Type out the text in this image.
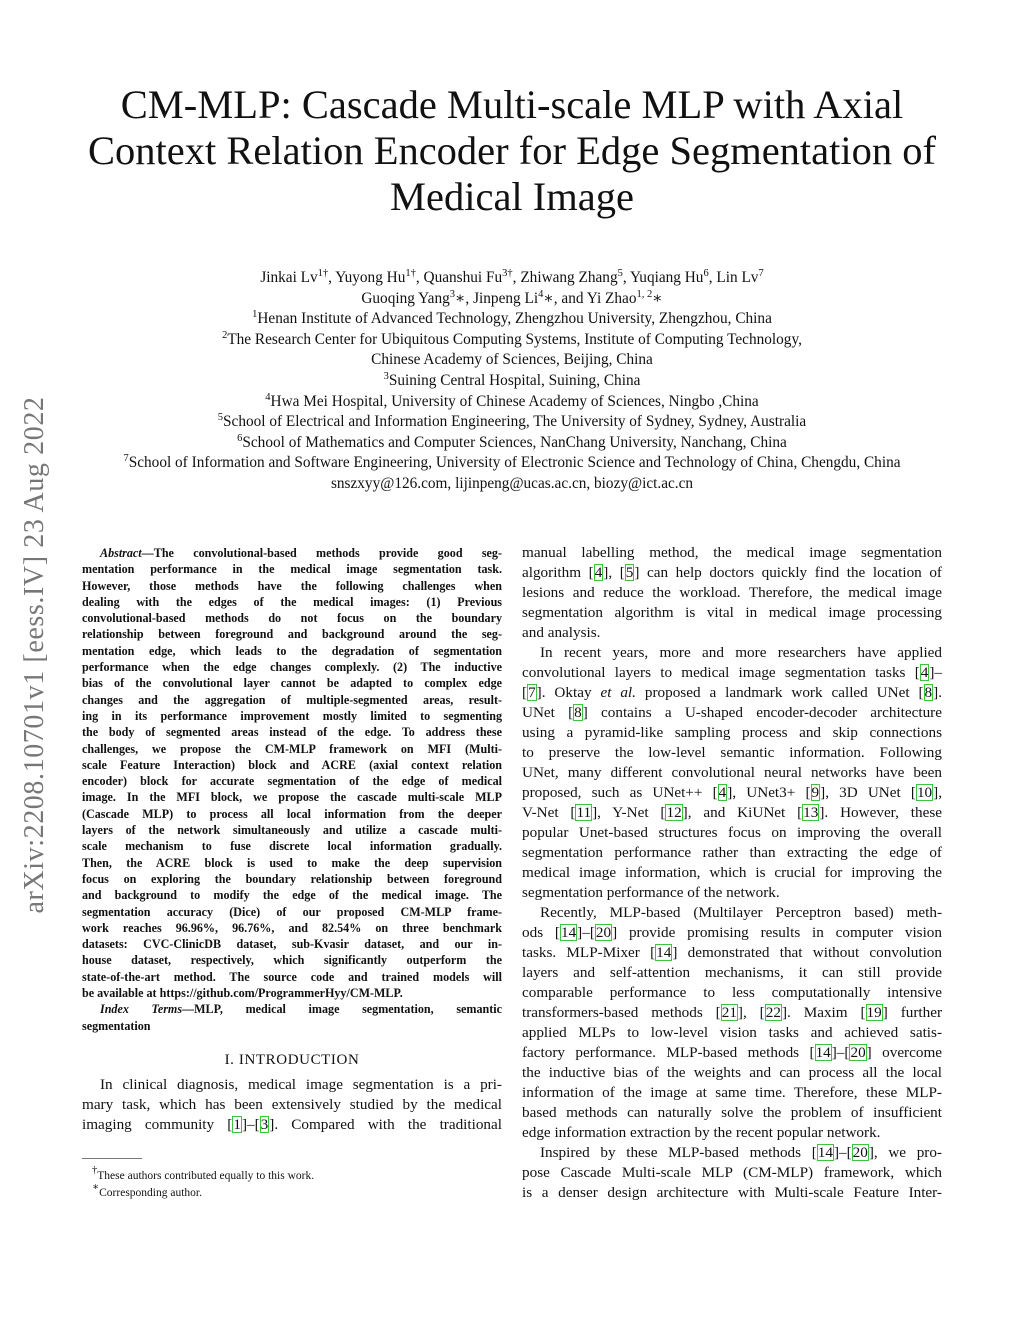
arXiv:2208.10701v1 [eess.IV] 23 Aug 2022
CM-MLP: Cascade Multi-scale MLP with Axial
Context Relation Encoder for Edge Segmentation of
Medical Image
Jinkai $Lv^{1\dagger}$, Yuyong $Hu^{1\dagger}$, Quanshui $Fu^{3\dagger}$, Zhiwang Zhang$^5$, Yuqiang Hu$^6$, Lin Lv$^7$
Guoqing Yang$^3$∗, Jinpeng Li$^4$∗, and Yi Zhao$^{1, 2}$∗
$^1$Henan Institute of Advanced Technology, Zhengzhou University, Zhengzhou, China
$^2$The Research Center for Ubiquitous Computing Systems, Institute of Computing Technology,
Chinese Academy of Sciences, Beijing, China
$^3$Suining Central Hospital, Suining, China
$^4$Hwa Mei Hospital, University of Chinese Academy of Sciences, Ningbo ,China
$^5$School of Electrical and Information Engineering, The University of Sydney, Sydney, Australia
$^6$School of Mathematics and Computer Sciences, NanChang University, Nanchang, China
$^7$School of Information and Software Engineering, University of Electronic Science and Technology of China, Chengdu, China
snszxyy@126.com, lijinpeng@ucas.ac.cn, biozy@ict.ac.cn
Abstract—The convolutional-based methods provide good seg-
mentation performance in the medical image segmentation task.
However, those methods have the following challenges when
dealing with the edges of the medical images: (1) Previous
convolutional-based methods do not focus on the boundary
relationship between foreground and background around the seg-
mentation edge, which leads to the degradation of segmentation
performance when the edge changes complexly. (2) The inductive
bias of the convolutional layer cannot be adapted to complex edge
changes and the aggregation of multiple-segmented areas, result-
ing in its performance improvement mostly limited to segmenting
the body of segmented areas instead of the edge. To address these
challenges, we propose the CM-MLP framework on MFI (Multi-
scale Feature Interaction) block and ACRE (axial context relation
encoder) block for accurate segmentation of the edge of medical
image. In the MFI block, we propose the cascade multi-scale MLP
(Cascade MLP) to process all local information from the deeper
layers of the network simultaneously and utilize a cascade multi-
scale mechanism to fuse discrete local information gradually.
Then, the ACRE block is used to make the deep supervision
focus on exploring the boundary relationship between foreground
and background to modify the edge of the medical image. The
segmentation accuracy (Dice) of our proposed CM-MLP frame-
work reaches 96.96%, 96.76%, and 82.54% on three benchmark
datasets: CVC-ClinicDB dataset, sub-Kvasir dataset, and our in-
house dataset, respectively, which significantly outperform the
state-of-the-art method. The source code and trained models will
be available at https://github.com/ProgrammerHyy/CM-MLP.
Index Terms—MLP, medical image segmentation, semantic
segmentation
I. INTRODUCTION
In clinical diagnosis, medical image segmentation is a pri-
mary task, which has been extensively studied by the medical
imaging community [1]–[3]. Compared with the traditional
†These authors contributed equally to this work.
∗Corresponding author.
manual labelling method, the medical image segmentation
algorithm [4], [5] can help doctors quickly find the location of
lesions and reduce the workload. Therefore, the medical image
segmentation algorithm is vital in medical image processing
and analysis.
In recent years, more and more researchers have applied
convolutional layers to medical image segmentation tasks [4]–
[7]. Oktay et al. proposed a landmark work called UNet [8].
UNet [8] contains a U-shaped encoder-decoder architecture
using a pyramid-like sampling process and skip connections
to preserve the low-level semantic information. Following
UNet, many different convolutional neural networks have been
proposed, such as UNet++ [4], UNet3+ [9], 3D UNet [10],
V-Net [11], Y-Net [12], and KiUNet [13]. However, these
popular Unet-based structures focus on improving the overall
segmentation performance rather than extracting the edge of
medical image information, which is crucial for improving the
segmentation performance of the network.
Recently, MLP-based (Multilayer Perceptron based) meth-
ods [14]–[20] provide promising results in computer vision
tasks. MLP-Mixer [14] demonstrated that without convolution
layers and self-attention mechanisms, it can still provide
comparable performance to less computationally intensive
transformers-based methods [21], [22]. Maxim [19] further
applied MLPs to low-level vision tasks and achieved satis-
factory performance. MLP-based methods [14]–[20] overcome
the inductive bias of the weights and can process all the local
information of the image at same time. Therefore, these MLP-
based methods can naturally solve the problem of insufficient
edge information extraction by the recent popular network.
Inspired by these MLP-based methods [14]–[20], we pro-
pose Cascade Multi-scale MLP (CM-MLP) framework, which
is a denser design architecture with Multi-scale Feature Inter-
